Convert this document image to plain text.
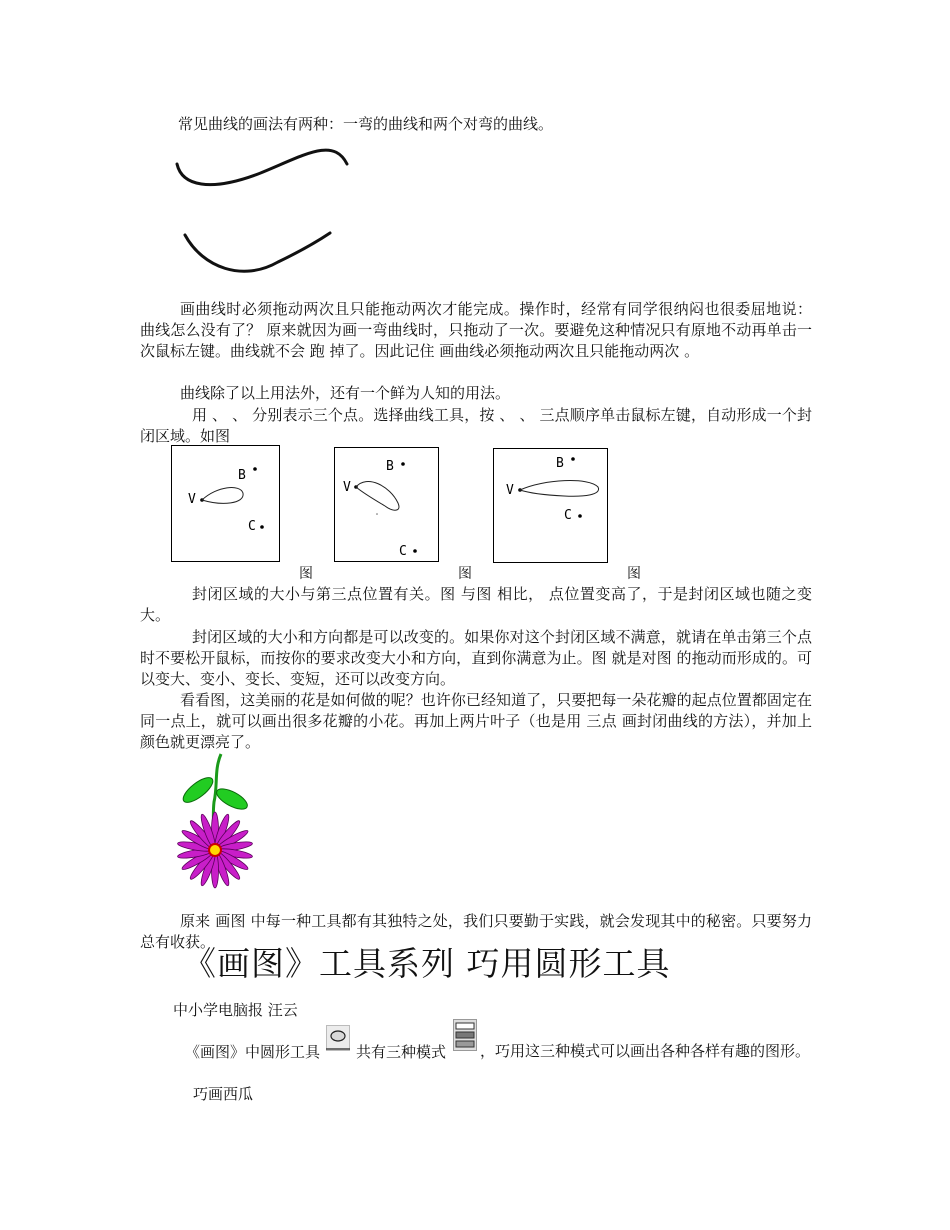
常见曲线的画法有两种：一弯的曲线和两个对弯的曲线。

画曲线时必须拖动两次且只能拖动两次才能完成。操作时，经常有同学很纳闷也很委屈地说： 曲线怎么没有了？ 原来就因为画一弯曲线时，只拖动了一次。要避免这种情况只有原地不动再单击一次鼠标左键。曲线就不会 跑 掉了。因此记住 画曲线必须拖动两次且只能拖动两次 。

曲线除了以上用法外，还有一个鲜为人知的用法。

用 、 、 分别表示三个点。选择曲线工具，按 、 、 三点顺序单击鼠标左键，自动形成一个封闭区域。如图

B
V
C
B
V
C
B
V
C
图	图	图

封闭区域的大小与第三点位置有关。图 与图 相比， 点位置变高了，于是封闭区域也随之变大。

封闭区域的大小和方向都是可以改变的。如果你对这个封闭区域不满意，就请在单击第三个点时不要松开鼠标，而按你的要求改变大小和方向，直到你满意为止。图 就是对图 的拖动而形成的。可以变大、变小、变长、变短，还可以改变方向。

看看图，这美丽的花是如何做的呢？也许你已经知道了，只要把每一朵花瓣的起点位置都固定在同一点上，就可以画出很多花瓣的小花。再加上两片叶子（也是用 三点 画封闭曲线的方法），并加上颜色就更漂亮了。

原来 画图 中每一种工具都有其独特之处，我们只要勤于实践，就会发现其中的秘密。只要努力总有收获。

《画图》工具系列 巧用圆形工具
中小学电脑报 汪云
《画图》中圆形工具 共有三种模式	，巧用这三种模式可以画出各种各样有趣的图形。

巧画西瓜
